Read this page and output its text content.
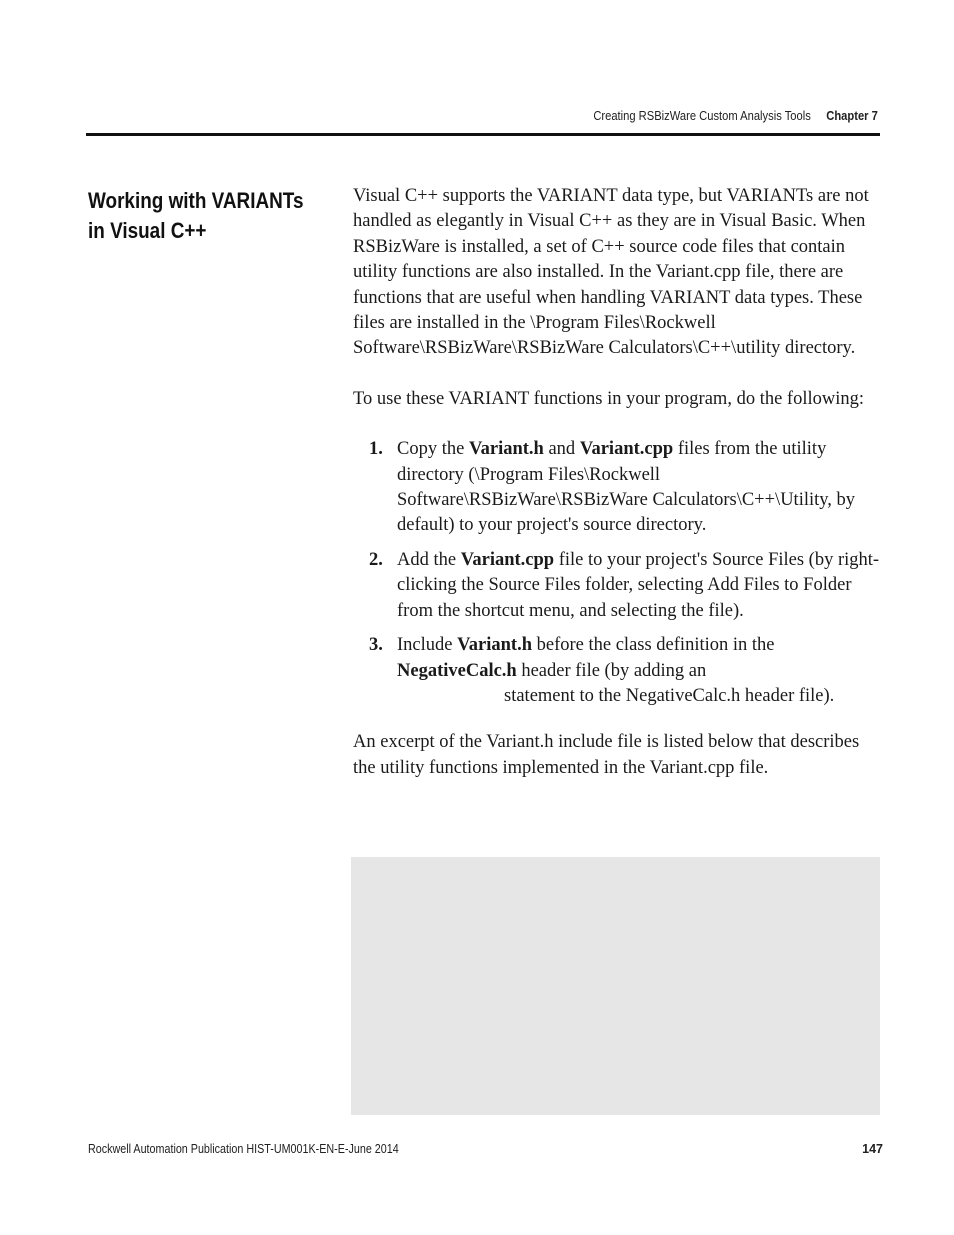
Creating RSBizWare Custom Analysis Tools Chapter 7
Working with VARIANTs in Visual C++

Visual C++ supports the VARIANT data type, but VARIANTs are not handled as elegantly in Visual C++ as they are in Visual Basic. When RSBizWare is installed, a set of C++ source code files that contain utility functions are also installed. In the Variant.cpp file, there are functions that are useful when handling VARIANT data types. These files are installed in the \Program Files\Rockwell Software\RSBizWare\RSBizWare Calculators\C++\utility directory.

To use these VARIANT functions in your program, do the following:

1. Copy the Variant.h and Variant.cpp files from the utility directory (\Program Files\Rockwell Software\RSBizWare\RSBizWare Calculators\C++\Utility, by default) to your project's source directory.
2. Add the Variant.cpp file to your project's Source Files (by right-clicking the Source Files folder, selecting Add Files to Folder from the shortcut menu, and selecting the file).
3. Include Variant.h before the class definition in the NegativeCalc.h header file (by adding an
statement to the NegativeCalc.h header file).

An excerpt of the Variant.h include file is listed below that describes the utility functions implemented in the Variant.cpp file.

Rockwell Automation Publication HIST-UM001K-EN-E-June 2014	147
